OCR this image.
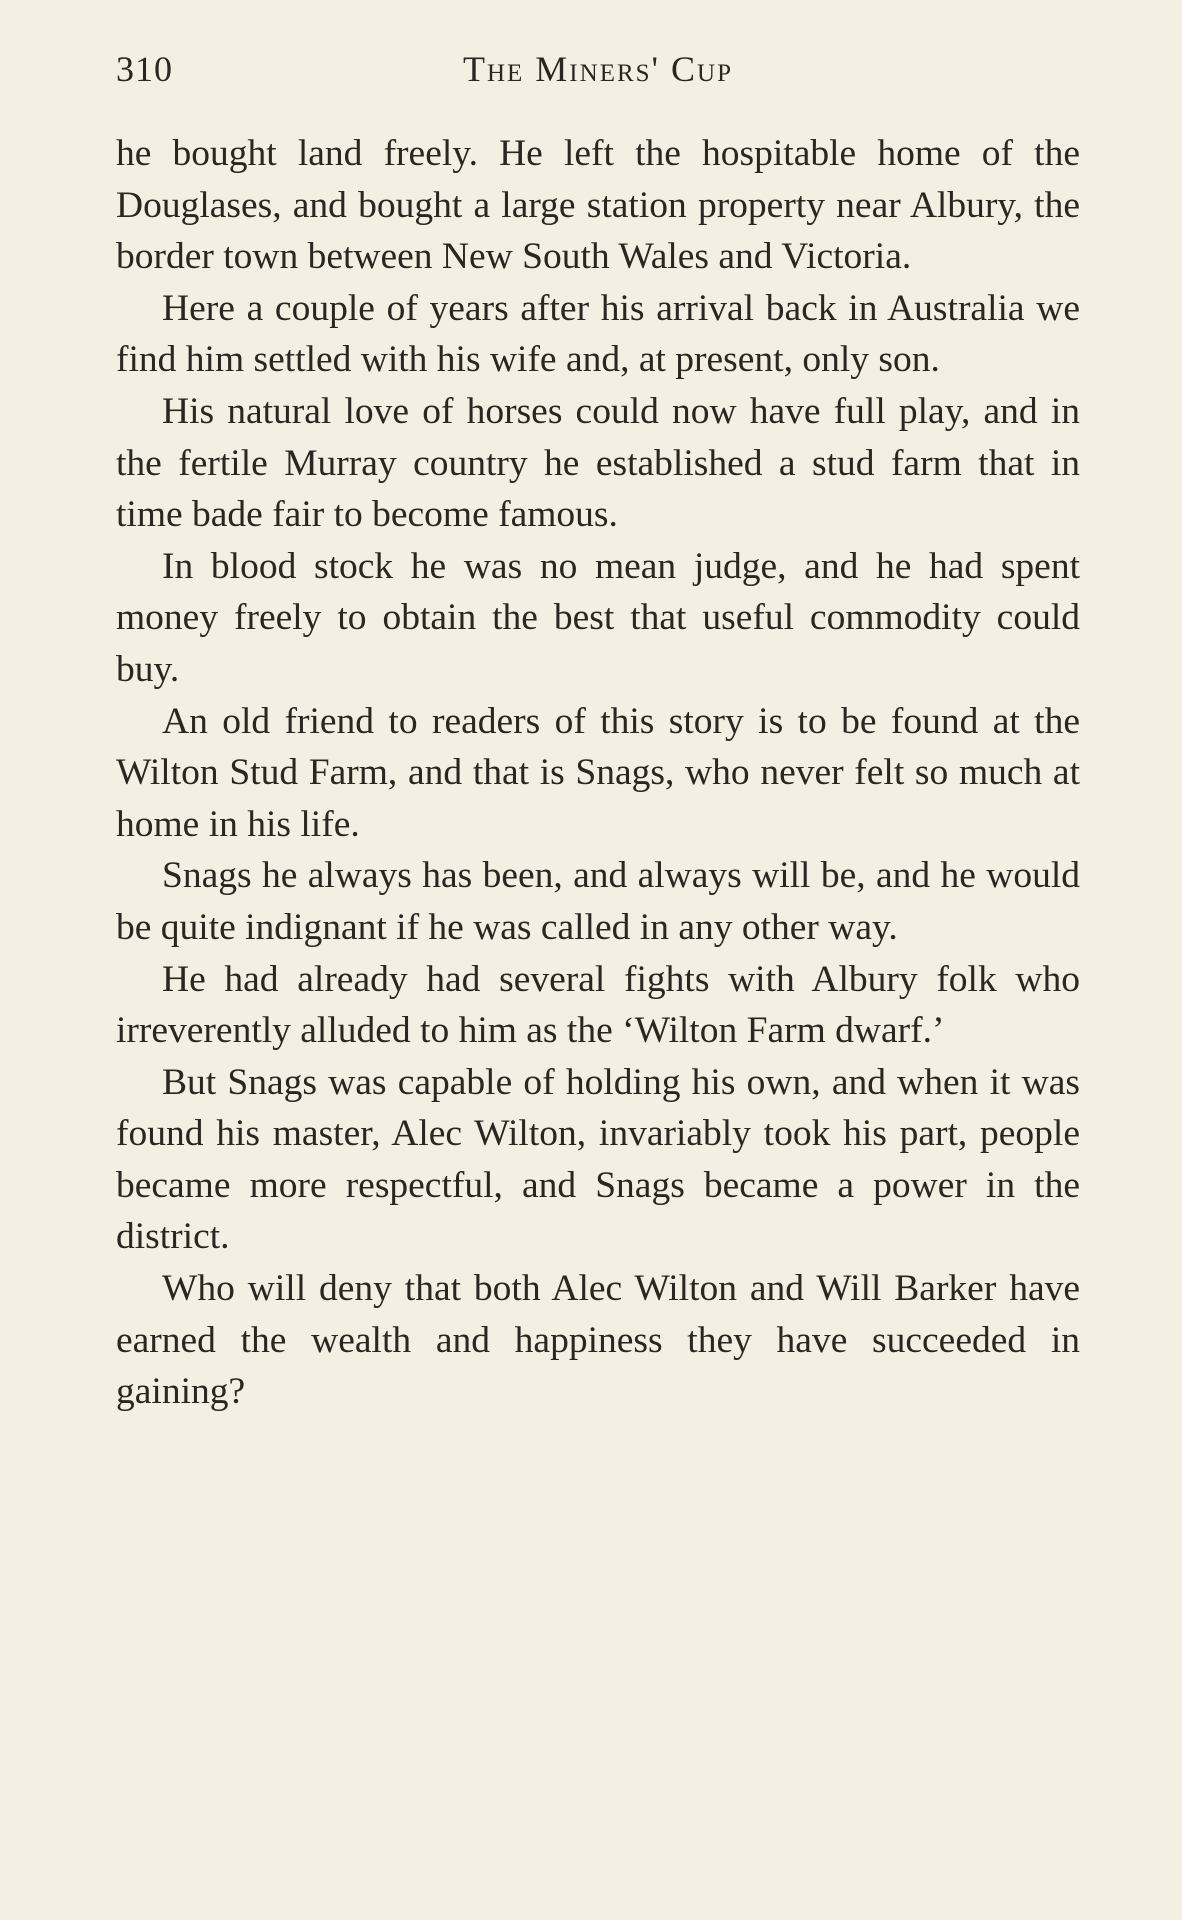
310	The Miners' Cup

he bought land freely. He left the hospitable home of the Douglases, and bought a large station property near Albury, the border town between New South Wales and Victoria.

Here a couple of years after his arrival back in Australia we find him settled with his wife and, at present, only son.

His natural love of horses could now have full play, and in the fertile Murray country he established a stud farm that in time bade fair to become famous.

In blood stock he was no mean judge, and he had spent money freely to obtain the best that useful commodity could buy.

An old friend to readers of this story is to be found at the Wilton Stud Farm, and that is Snags, who never felt so much at home in his life.

Snags he always has been, and always will be, and he would be quite indignant if he was called in any other way.

He had already had several fights with Albury folk who irreverently alluded to him as the ‘Wilton Farm dwarf.’

But Snags was capable of holding his own, and when it was found his master, Alec Wilton, invariably took his part, people became more respectful, and Snags became a power in the district.

Who will deny that both Alec Wilton and Will Barker have earned the wealth and happiness they have succeeded in gaining?
